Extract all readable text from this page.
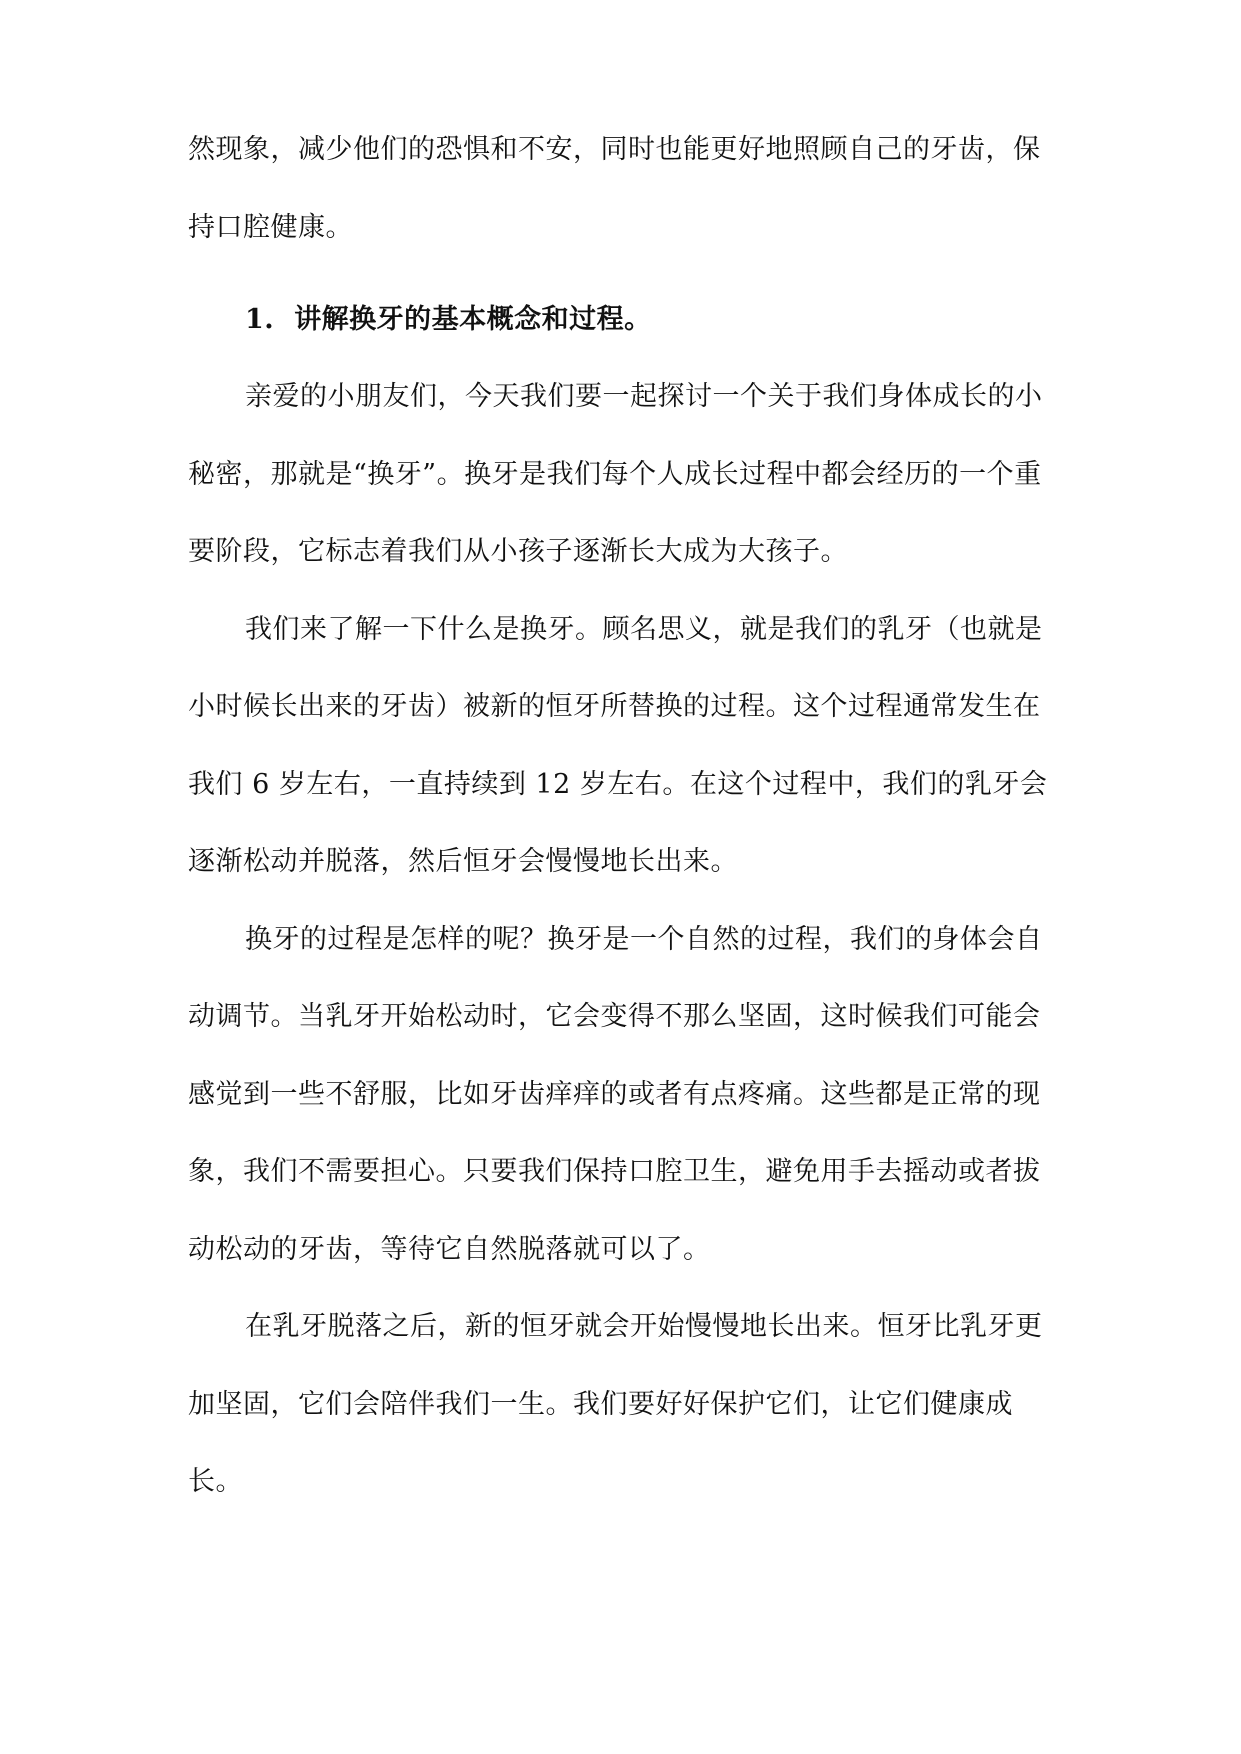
然现象，减少他们的恐惧和不安，同时也能更好地照顾自己的牙齿，保持口腔健康。

1. 讲解换牙的基本概念和过程。

亲爱的小朋友们，今天我们要一起探讨一个关于我们身体成长的小秘密，那就是“换牙”。换牙是我们每个人成长过程中都会经历的一个重要阶段，它标志着我们从小孩子逐渐长大成为大孩子。

我们来了解一下什么是换牙。顾名思义，就是我们的乳牙（也就是小时候长出来的牙齿）被新的恒牙所替换的过程。这个过程通常发生在我们 6 岁左右，一直持续到 12 岁左右。在这个过程中，我们的乳牙会逐渐松动并脱落，然后恒牙会慢慢地长出来。

换牙的过程是怎样的呢？换牙是一个自然的过程，我们的身体会自动调节。当乳牙开始松动时，它会变得不那么坚固，这时候我们可能会感觉到一些不舒服，比如牙齿痒痒的或者有点疼痛。这些都是正常的现象，我们不需要担心。只要我们保持口腔卫生，避免用手去摇动或者拔动松动的牙齿，等待它自然脱落就可以了。

在乳牙脱落之后，新的恒牙就会开始慢慢地长出来。恒牙比乳牙更加坚固，它们会陪伴我们一生。我们要好好保护它们，让它们健康成长。
